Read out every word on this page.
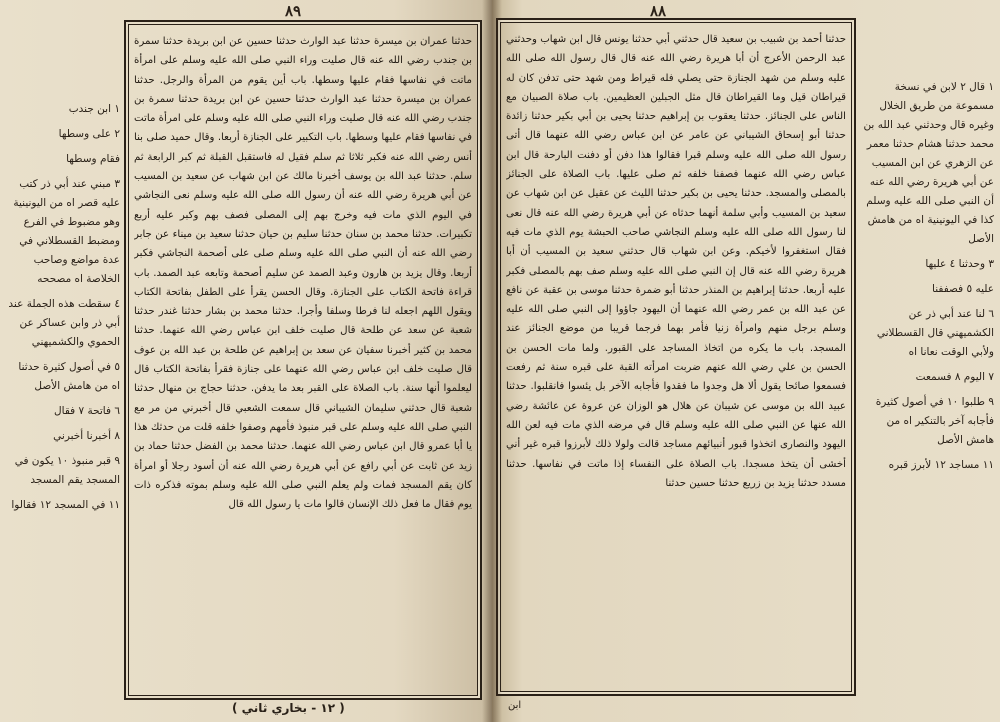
٨٩

١ ابن جندب

٢ على وسطها

فقام وسطها

٣ مبني عند أبي ذر كتب عليه قصر اه من اليونينية وهو مضبوط في الفرع ومضبط القسطلاني في عدة مواضع وصاحب الخلاصة اه مصححه

٤ سقطت هذه الجملة عند أبي ذر وابن عساكر عن الحموي والكشميهني

٥ في أصول كثيرة حدثنا اه من هامش الأصل

٦ فاتحة ٧ فقال

٨ أخبرنا أخبرني

٩ قبر منبوذ ١٠ يكون في المسجد يقم المسجد

١١ في المسجد ١٢ فقالوا

حدثنا عمران بن ميسرة حدثنا عبد الوارث حدثنا حسين عن ابن بريدة حدثنا سمرة بن جندب رضي الله عنه قال صليت وراء النبي صلى الله عليه وسلم على امرأة ماتت في نفاسها فقام عليها وسطها. باب أين يقوم من المرأة والرجل. حدثنا عمران بن ميسرة حدثنا عبد الوارث حدثنا حسين عن ابن بريدة حدثنا سمرة بن جندب رضي الله عنه قال صليت وراء النبي صلى الله عليه وسلم على امرأة ماتت في نفاسها فقام عليها وسطها. باب التكبير على الجنازة أربعا. وقال حميد صلى بنا أنس رضي الله عنه فكبر ثلاثا ثم سلم فقيل له فاستقبل القبلة ثم كبر الرابعة ثم سلم. حدثنا عبد الله بن يوسف أخبرنا مالك عن ابن شهاب عن سعيد بن المسيب عن أبي هريرة رضي الله عنه أن رسول الله صلى الله عليه وسلم نعى النجاشي في اليوم الذي مات فيه وخرج بهم إلى المصلى فصف بهم وكبر عليه أربع تكبيرات. حدثنا محمد بن سنان حدثنا سليم بن حيان حدثنا سعيد بن ميناء عن جابر رضي الله عنه أن النبي صلى الله عليه وسلم صلى على أصحمة النجاشي فكبر أربعا. وقال يزيد بن هارون وعبد الصمد عن سليم أصحمة وتابعه عبد الصمد. باب قراءة فاتحة الكتاب على الجنازة. وقال الحسن يقرأ على الطفل بفاتحة الكتاب ويقول اللهم اجعله لنا فرطا وسلفا وأجرا. حدثنا محمد بن بشار حدثنا غندر حدثنا شعبة عن سعد عن طلحة قال صليت خلف ابن عباس رضي الله عنهما. حدثنا محمد بن كثير أخبرنا سفيان عن سعد بن إبراهيم عن طلحة بن عبد الله بن عوف قال صليت خلف ابن عباس رضي الله عنهما على جنازة فقرأ بفاتحة الكتاب قال ليعلموا أنها سنة. باب الصلاة على القبر بعد ما يدفن. حدثنا حجاج بن منهال حدثنا شعبة قال حدثني سليمان الشيباني قال سمعت الشعبي قال أخبرني من مر مع النبي صلى الله عليه وسلم على قبر منبوذ فأمهم وصفوا خلفه قلت من حدثك هذا يا أبا عمرو قال ابن عباس رضي الله عنهما. حدثنا محمد بن الفضل حدثنا حماد بن زيد عن ثابت عن أبي رافع عن أبي هريرة رضي الله عنه أن أسود رجلا أو امرأة كان يقم المسجد فمات ولم يعلم النبي صلى الله عليه وسلم بموته فذكره ذات يوم فقال ما فعل ذلك الإنسان قالوا مات يا رسول الله قال

( ١٢ - بخاري ثاني )
٨٨

حدثنا أحمد بن شبيب بن سعيد قال حدثني أبي حدثنا يونس قال ابن شهاب وحدثني عبد الرحمن الأعرج أن أبا هريرة رضي الله عنه قال قال رسول الله صلى الله عليه وسلم من شهد الجنازة حتى يصلي فله قيراط ومن شهد حتى تدفن كان له قيراطان قيل وما القيراطان قال مثل الجبلين العظيمين. باب صلاة الصبيان مع الناس على الجنائز. حدثنا يعقوب بن إبراهيم حدثنا يحيى بن أبي بكير حدثنا زائدة حدثنا أبو إسحاق الشيباني عن عامر عن ابن عباس رضي الله عنهما قال أتى رسول الله صلى الله عليه وسلم قبرا فقالوا هذا دفن أو دفنت البارحة قال ابن عباس رضي الله عنهما فصفنا خلفه ثم صلى عليها. باب الصلاة على الجنائز بالمصلى والمسجد. حدثنا يحيى بن بكير حدثنا الليث عن عقيل عن ابن شهاب عن سعيد بن المسيب وأبي سلمة أنهما حدثاه عن أبي هريرة رضي الله عنه قال نعى لنا رسول الله صلى الله عليه وسلم النجاشي صاحب الحبشة يوم الذي مات فيه فقال استغفروا لأخيكم. وعن ابن شهاب قال حدثني سعيد بن المسيب أن أبا هريرة رضي الله عنه قال إن النبي صلى الله عليه وسلم صف بهم بالمصلى فكبر عليه أربعا. حدثنا إبراهيم بن المنذر حدثنا أبو ضمرة حدثنا موسى بن عقبة عن نافع عن عبد الله بن عمر رضي الله عنهما أن اليهود جاؤوا إلى النبي صلى الله عليه وسلم برجل منهم وامرأة زنيا فأمر بهما فرجما قريبا من موضع الجنائز عند المسجد. باب ما يكره من اتخاذ المساجد على القبور. ولما مات الحسن بن الحسن بن علي رضي الله عنهم ضربت امرأته القبة على قبره سنة ثم رفعت فسمعوا صائحا يقول ألا هل وجدوا ما فقدوا فأجابه الآخر بل يئسوا فانقلبوا. حدثنا عبيد الله بن موسى عن شيبان عن هلال هو الوزان عن عروة عن عائشة رضي الله عنها عن النبي صلى الله عليه وسلم قال في مرضه الذي مات فيه لعن الله اليهود والنصارى اتخذوا قبور أنبيائهم مساجد قالت ولولا ذلك لأبرزوا قبره غير أني أخشى أن يتخذ مسجدا. باب الصلاة على النفساء إذا ماتت في نفاسها. حدثنا مسدد حدثنا يزيد بن زريع حدثنا حسين حدثنا

١ قال ٢ لابن في نسخة مسموعة من طريق الخلال وغيره قال وحدثني عبد الله بن محمد حدثنا هشام حدثنا معمر عن الزهري عن ابن المسيب عن أبي هريرة رضي الله عنه أن النبي صلى الله عليه وسلم كذا في اليونينية اه من هامش الأصل

٣ وحدثنا ٤ عليها

عليه ٥ فصففنا

٦ لنا عند أبي ذر عن الكشميهني قال القسطلاني ولأبي الوقت نعانا اه

٧ اليوم ٨ فسمعت

٩ طلبوا ١٠ في أصول كثيرة فأجابه آخر بالتنكير اه من هامش الأصل

١١ مساجد ١٢ لأبرز قبره

ابن
